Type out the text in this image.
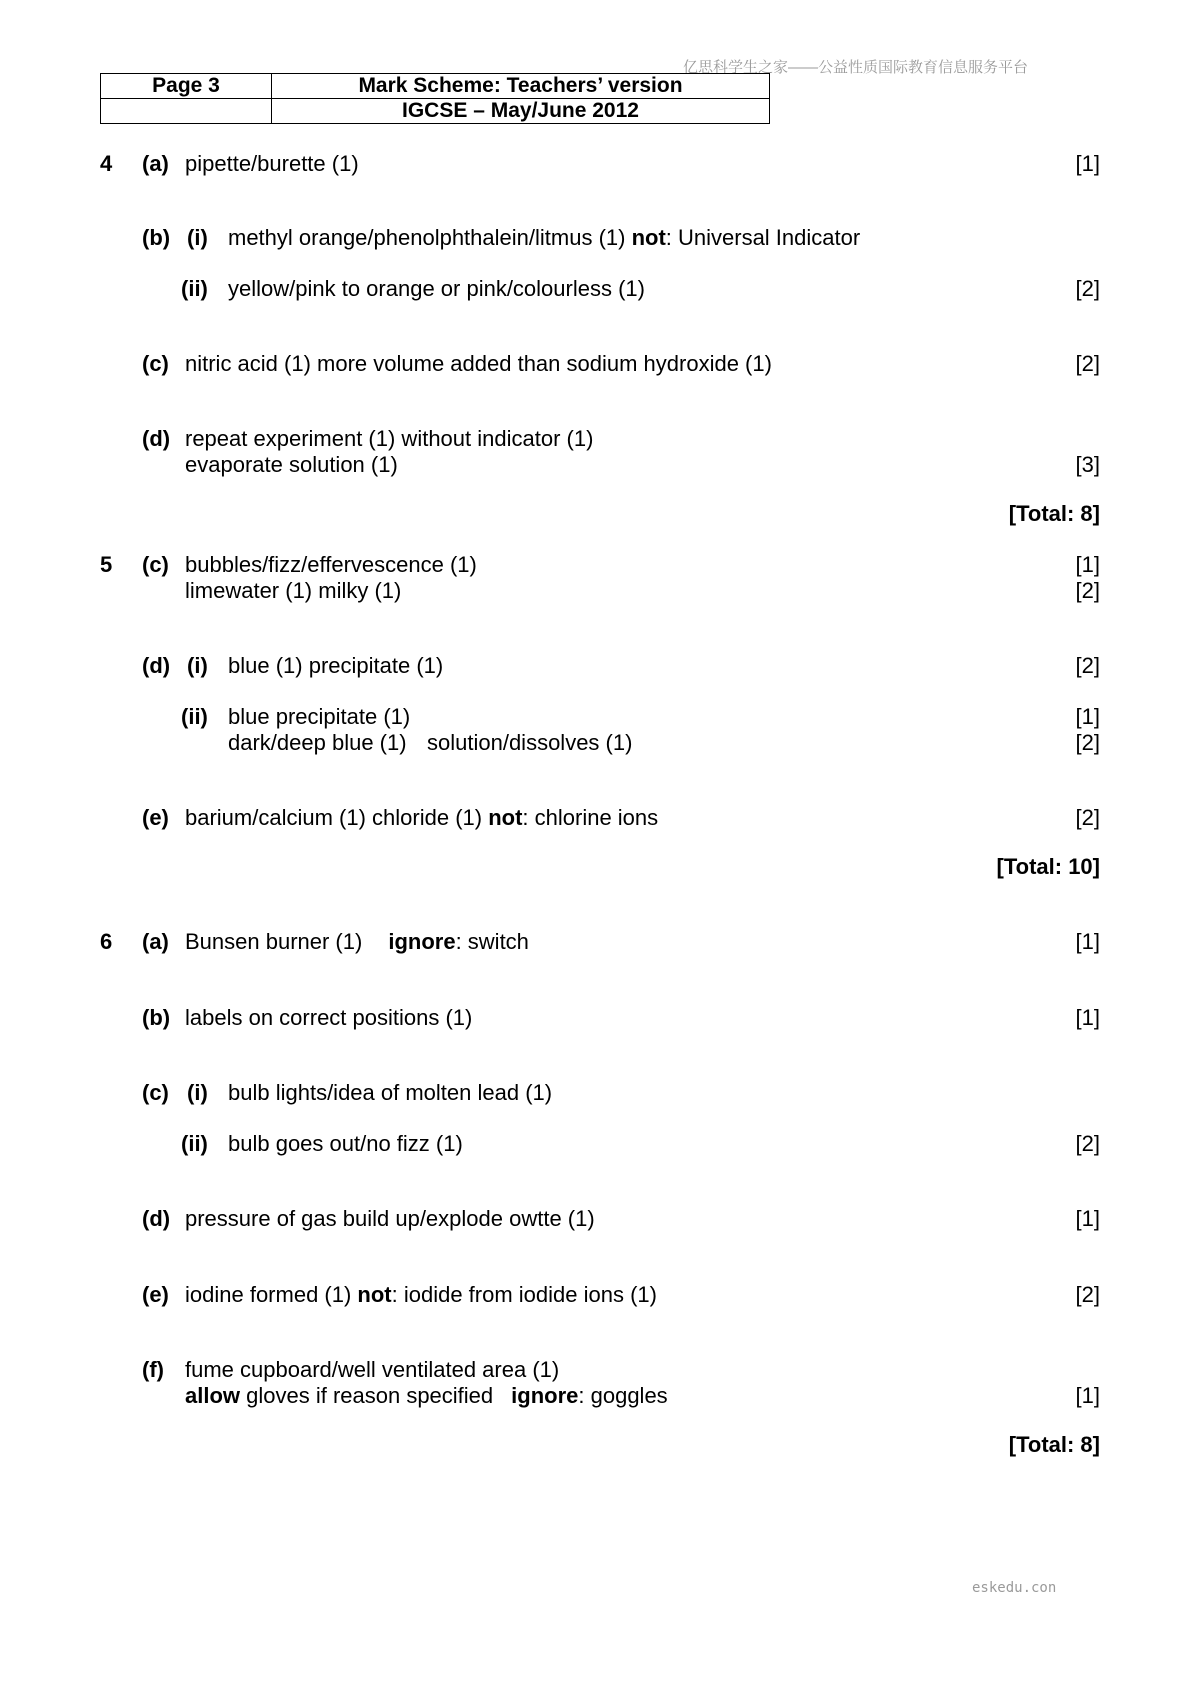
亿思科学生之家——公益性质国际教育信息服务平台
eskedu.con
Page 3	Mark Scheme: Teachers’ version
	IGCSE – May/June 2012
4 (a) pipette/burette (1)	[1]
(b) (i) methyl orange/phenolphthalein/litmus (1) not: Universal Indicator
(ii) yellow/pink to orange or pink/colourless (1)	[2]
(c) nitric acid (1) more volume added than sodium hydroxide (1)	[2]
(d) repeat experiment (1) without indicator (1)
evaporate solution (1)	[3]
[Total: 8]
5 (c) bubbles/fizz/effervescence (1)	[1]
limewater (1) milky (1)	[2]
(d) (i) blue (1) precipitate (1)	[2]
(ii) blue precipitate (1)	[1]
dark/deep blue (1) solution/dissolves (1)	[2]
(e) barium/calcium (1) chloride (1) not: chlorine ions	[2]
[Total: 10]
6 (a) Bunsen burner (1) ignore: switch	[1]
(b) labels on correct positions (1)	[1]
(c) (i) bulb lights/idea of molten lead (1)
(ii) bulb goes out/no fizz (1)	[2]
(d) pressure of gas build up/explode owtte (1)	[1]
(e) iodine formed (1) not: iodide from iodide ions (1)	[2]
(f) fume cupboard/well ventilated area (1)
allow gloves if reason specified ignore: goggles	[1]
[Total: 8]
